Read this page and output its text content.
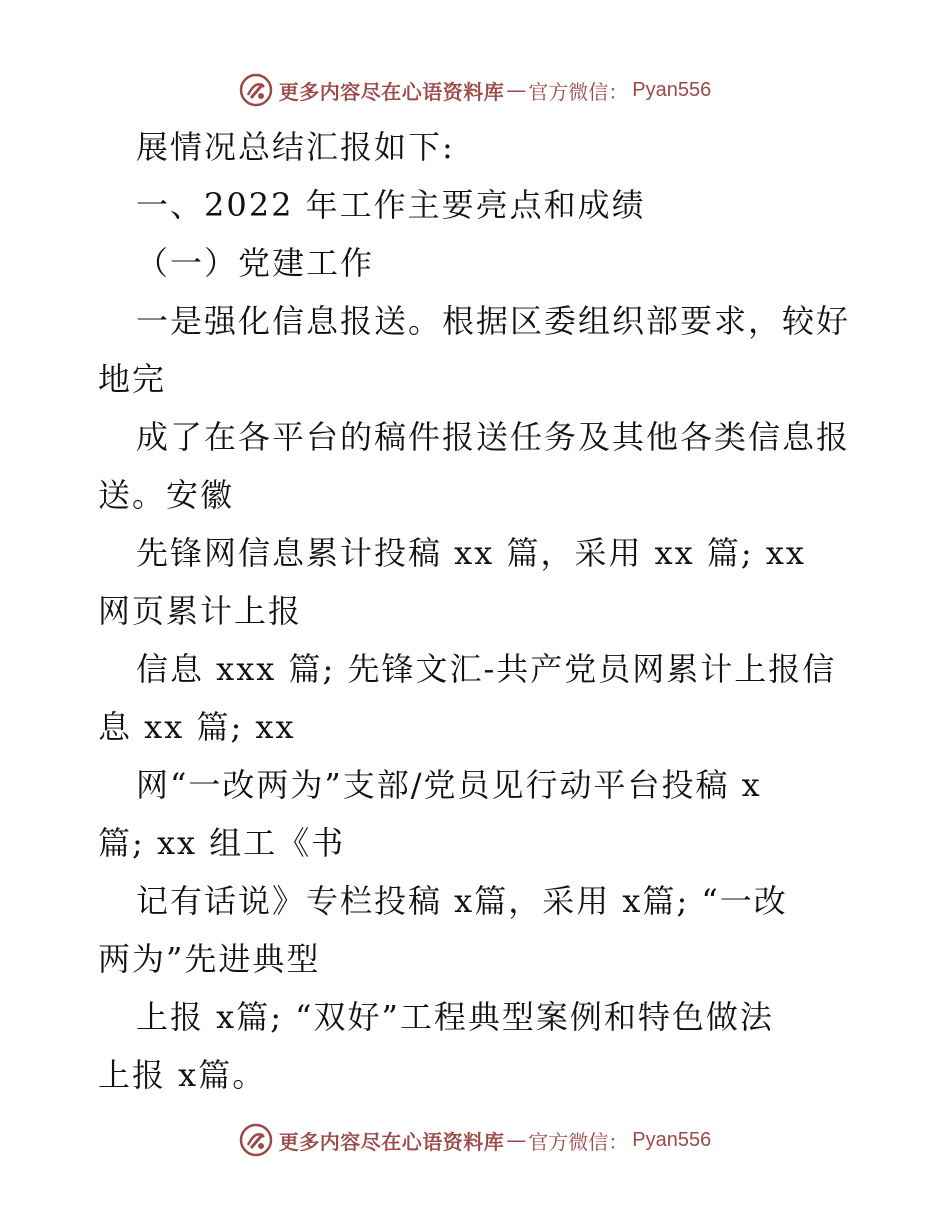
更多内容尽在心语资料库 — 官方微信： Pyan556
展情况总结汇报如下:
一、2022 年工作主要亮点和成绩
（一）党建工作
一是强化信息报送。根据区委组织部要求，较好
地完
成了在各平台的稿件报送任务及其他各类信息报
送。安徽
先锋网信息累计投稿 xx 篇，采用 xx 篇; xx
网页累计上报
信息 xxx 篇; 先锋文汇-共产党员网累计上报信
息 xx 篇; xx
网“一改两为”支部/党员见行动平台投稿 x
篇; xx 组工《书
记有话说》专栏投稿 x篇，采用 x篇; “一改
两为”先进典型
上报 x篇; “双好”工程典型案例和特色做法
上报 x篇。
更多内容尽在心语资料库 — 官方微信： Pyan556
